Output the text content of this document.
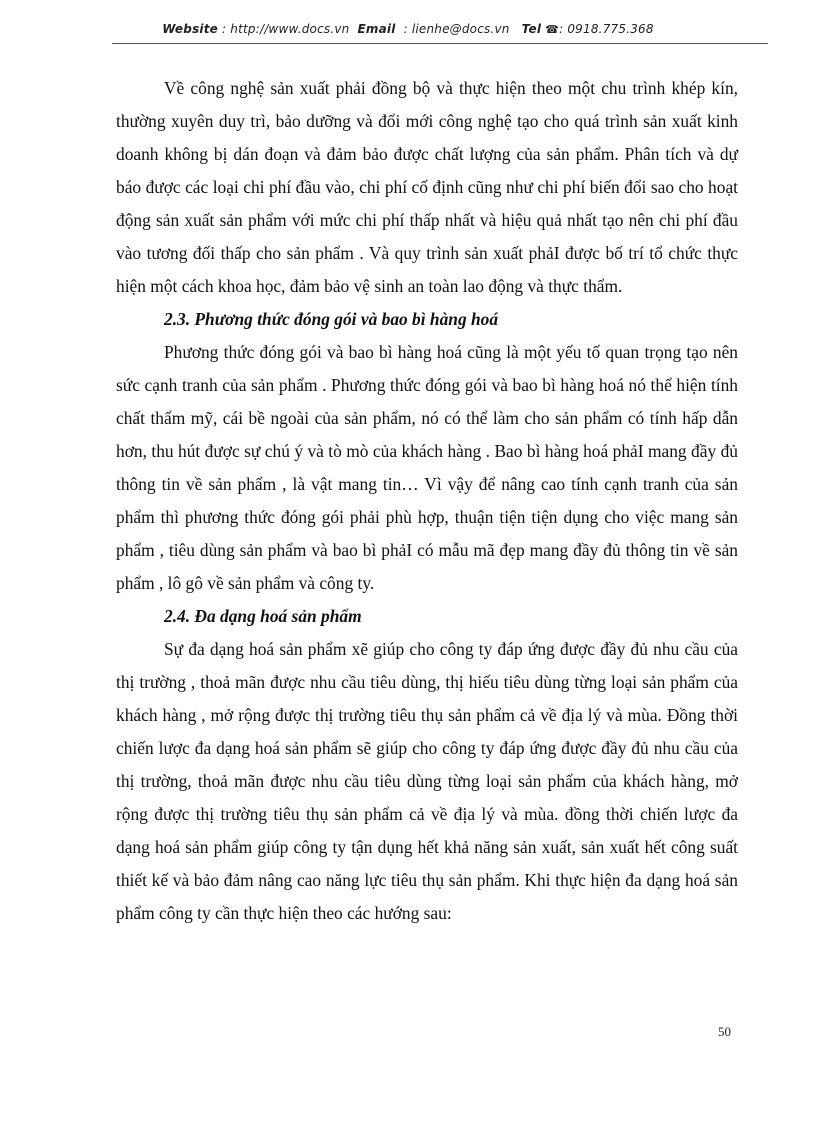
Website : http://www.docs.vn Email : lienhe@docs.vn Tel ☎: 0918.775.368

Về công nghệ sản xuất phải đồng bộ và thực hiện theo một chu trình khép kín, thường xuyên duy trì, bảo dưỡng và đổi mới công nghệ tạo cho quá trình sản xuất kinh doanh không bị dán đoạn và đảm bảo được chất lượng của sản phẩm. Phân tích và dự báo được các loại chi phí đầu vào, chi phí cố định cũng như chi phí biến đổi sao cho hoạt động sản xuất sản phẩm với mức chi phí thấp nhất và hiệu quả nhất tạo nên chi phí đầu vào tương đối thấp cho sản phẩm . Và quy trình sản xuất phảI được bố trí tổ chức thực hiện một cách khoa học, đảm bảo vệ sinh an toàn lao động và thực thẩm.

2.3. Phương thức đóng gói và bao bì hàng hoá

Phương thức đóng gói và bao bì hàng hoá cũng là một yếu tố quan trọng tạo nên sức cạnh tranh của sản phẩm . Phương thức đóng gói và bao bì hàng hoá nó thể hiện tính chất thẩm mỹ, cái bề ngoài của sản phẩm, nó có thể làm cho sản phẩm có tính hấp dẫn hơn, thu hút được sự chú ý và tò mò của khách hàng . Bao bì hàng hoá phảI mang đầy đủ thông tin về sản phẩm , là vật mang tin… Vì vậy để nâng cao tính cạnh tranh của sản phẩm thì phương thức đóng gói phải phù hợp, thuận tiện tiện dụng cho việc mang sản phẩm , tiêu dùng sản phẩm và bao bì phảI có mẫu mã đẹp mang đầy đủ thông tin về sản phẩm , lô gô về sản phẩm và công ty.

2.4. Đa dạng hoá sản phẩm

Sự đa dạng hoá sản phẩm xẽ giúp cho công ty đáp ứng được đầy đủ nhu cầu của thị trường , thoả mãn được nhu cầu tiêu dùng, thị hiếu tiêu dùng từng loại sản phẩm của khách hàng , mở rộng được thị trường tiêu thụ sản phẩm cả về địa lý và mùa. Đồng thời chiến lược đa dạng hoá sản phẩm sẽ giúp cho công ty đáp ứng được đầy đủ nhu cầu của thị trường, thoả mãn được nhu cầu tiêu dùng từng loại sản phẩm của khách hàng, mở rộng được thị trường tiêu thụ sản phẩm cả về địa lý và mùa. đồng thời chiến lược đa dạng hoá sản phẩm giúp công ty tận dụng hết khả năng sản xuất, sản xuất hết công suất thiết kế và bảo đảm nâng cao năng lực tiêu thụ sản phẩm. Khi thực hiện đa dạng hoá sản phẩm công ty cần thực hiện theo các hướng sau:

50
